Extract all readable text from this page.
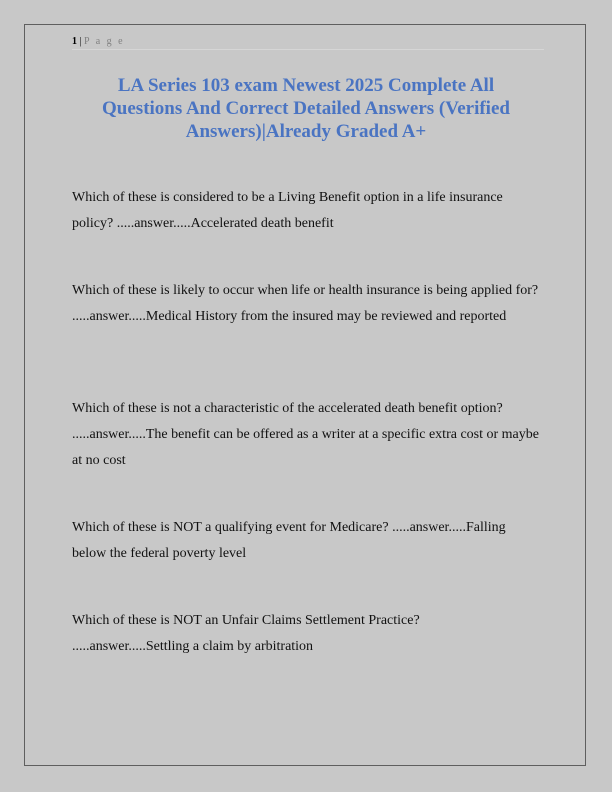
1 | P a g e
LA Series 103 exam Newest 2025 Complete All Questions And Correct Detailed Answers (Verified Answers)|Already Graded A+

Which of these is considered to be a Living Benefit option in a life insurance policy? .....answer.....Accelerated death benefit

Which of these is likely to occur when life or health insurance is being applied for? .....answer.....Medical History from the insured may be reviewed and reported

Which of these is not a characteristic of the accelerated death benefit option? .....answer.....The benefit can be offered as a writer at a specific extra cost or maybe at no cost

Which of these is NOT a qualifying event for Medicare? .....answer.....Falling below the federal poverty level

Which of these is NOT an Unfair Claims Settlement Practice? .....answer.....Settling a claim by arbitration
